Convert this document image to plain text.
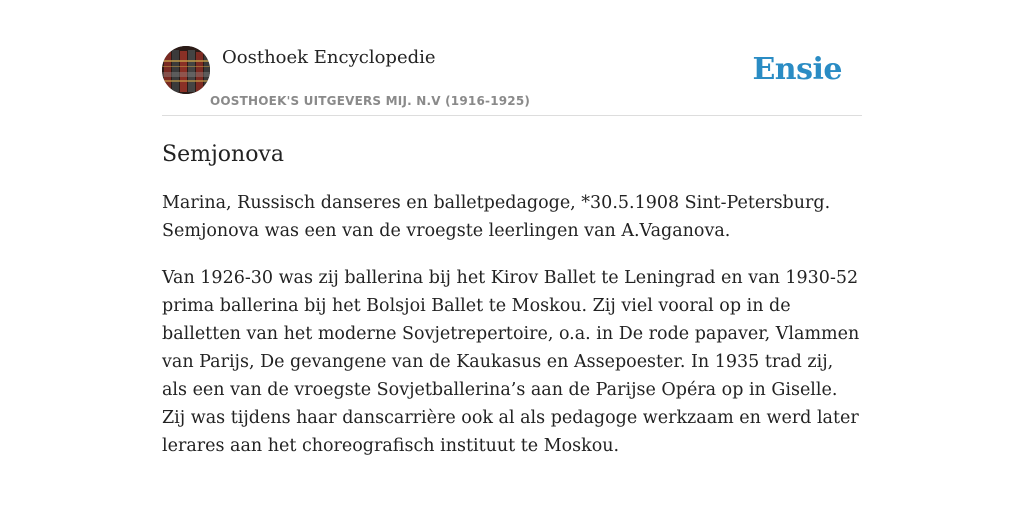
Oosthoek Encyclopedie
OOSTHOEK'S UITGEVERS MIJ. N.V (1916-1925)
Ensie
Semjonova

Marina, Russisch danseres en balletpedagoge, *30.5.1908 Sint-Petersburg. Semjonova was een van de vroegste leerlingen van A.Vaganova.

Van 1926-30 was zij ballerina bij het Kirov Ballet te Leningrad en van 1930-52 prima ballerina bij het Bolsjoi Ballet te Moskou. Zij viel vooral op in de balletten van het moderne Sovjetrepertoire, o.a. in De rode papaver, Vlammen van Parijs, De gevangene van de Kaukasus en Assepoester. In 1935 trad zij, als een van de vroegste Sovjetballerina’s aan de Parijse Opéra op in Giselle. Zij was tijdens haar danscarrière ook al als pedagoge werkzaam en werd later lerares aan het choreografisch instituut te Moskou.
